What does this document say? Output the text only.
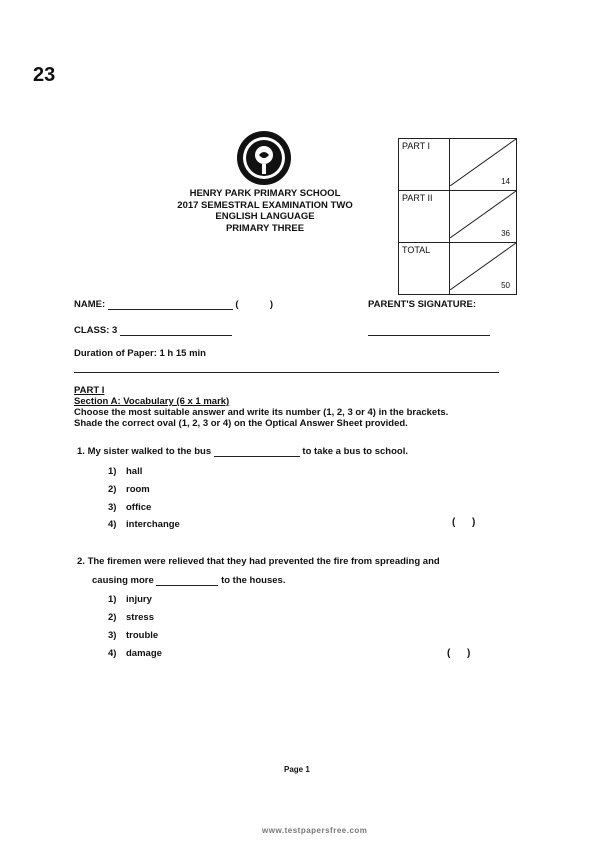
23
HENRY PARK PRIMARY SCHOOL
2017 SEMESTRAL EXAMINATION TWO
ENGLISH LANGUAGE
PRIMARY THREE
PART I	14

PART II	36

TOTAL	50
NAME:	(	)	PARENT'S SIGNATURE:
CLASS: 3
Duration of Paper: 1 h 15 min
PART I
Section A: Vocabulary (6 x 1 mark)
Choose the most suitable answer and write its number (1, 2, 3 or 4) in the brackets.
Shade the correct oval (1, 2, 3 or 4) on the Optical Answer Sheet provided.
1. My sister walked to the bus	to take a bus to school.
1) hall
2) room
3) office
4) interchange	(      )
2. The firemen were relieved that they had prevented the fire from spreading and
causing more	to the houses.
1) injury
2) stress
3) trouble
4) damage	(      )
Page 1
www.testpapersfree.com
